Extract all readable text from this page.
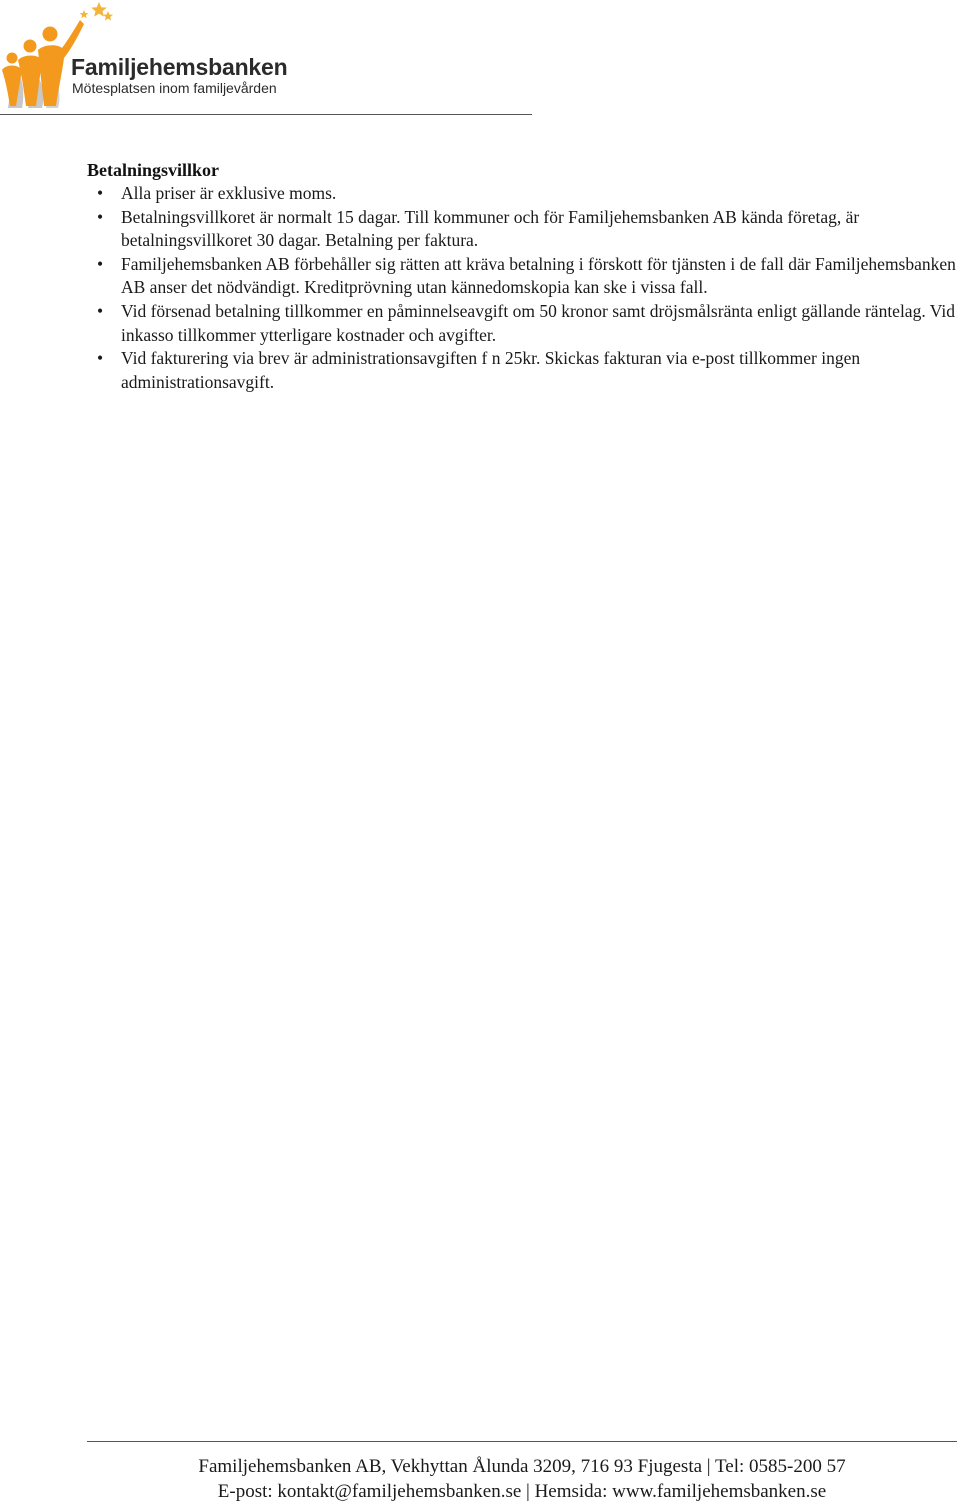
Familjehemsbanken
Mötesplatsen inom familjevården
Betalningsvillkor
• Alla priser är exklusive moms.
• Betalningsvillkoret är normalt 15 dagar. Till kommuner och för Familjehemsbanken AB kända företag, är betalningsvillkoret 30 dagar. Betalning per faktura.
• Familjehemsbanken AB förbehåller sig rätten att kräva betalning i förskott för tjänsten i de fall där Familjehemsbanken AB anser det nödvändigt. Kreditprövning utan kännedomskopia kan ske i vissa fall.
• Vid försenad betalning tillkommer en påminnelseavgift om 50 kronor samt dröjsmålsränta enligt gällande räntelag. Vid inkasso tillkommer ytterligare kostnader och avgifter.
• Vid fakturering via brev är administrationsavgiften f n 25kr. Skickas fakturan via e-post tillkommer ingen administrationsavgift.
Familjehemsbanken AB, Vekhyttan Ålunda 3209, 716 93 Fjugesta | Tel: 0585-200 57
E-post: kontakt@familjehemsbanken.se | Hemsida: www.familjehemsbanken.se
